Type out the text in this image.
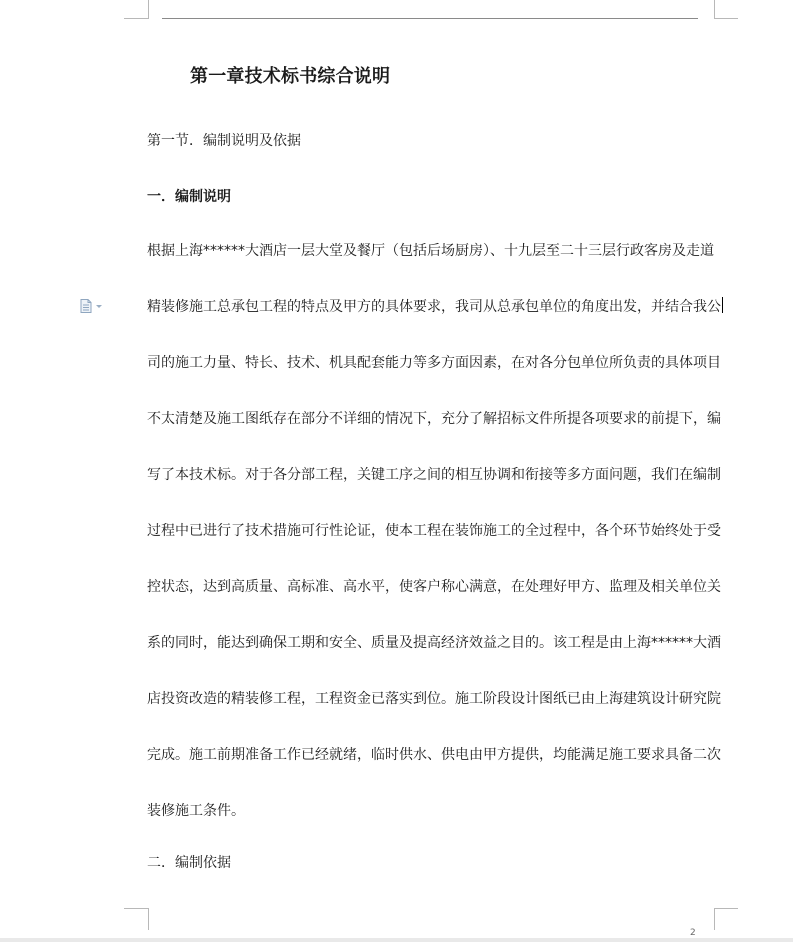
第一章技术标书综合说明
第一节．编制说明及依据
一．编制说明
根据上海******大酒店一层大堂及餐厅（包括后场厨房）、十九层至二十三层行政客房及走道
精装修施工总承包工程的特点及甲方的具体要求，我司从总承包单位的角度出发，并结合我公
司的施工力量、特长、技术、机具配套能力等多方面因素，在对各分包单位所负责的具体项目
不太清楚及施工图纸存在部分不详细的情况下，充分了解招标文件所提各项要求的前提下，编
写了本技术标。对于各分部工程，关键工序之间的相互协调和衔接等多方面问题，我们在编制
过程中已进行了技术措施可行性论证，使本工程在装饰施工的全过程中，各个环节始终处于受
控状态，达到高质量、高标准、高水平，使客户称心满意，在处理好甲方、监理及相关单位关
系的同时，能达到确保工期和安全、质量及提高经济效益之目的。该工程是由上海******大酒
店投资改造的精装修工程，工程资金已落实到位。施工阶段设计图纸已由上海建筑设计研究院
完成。施工前期准备工作已经就绪，临时供水、供电由甲方提供，均能满足施工要求具备二次
装修施工条件。
二．编制依据
2
